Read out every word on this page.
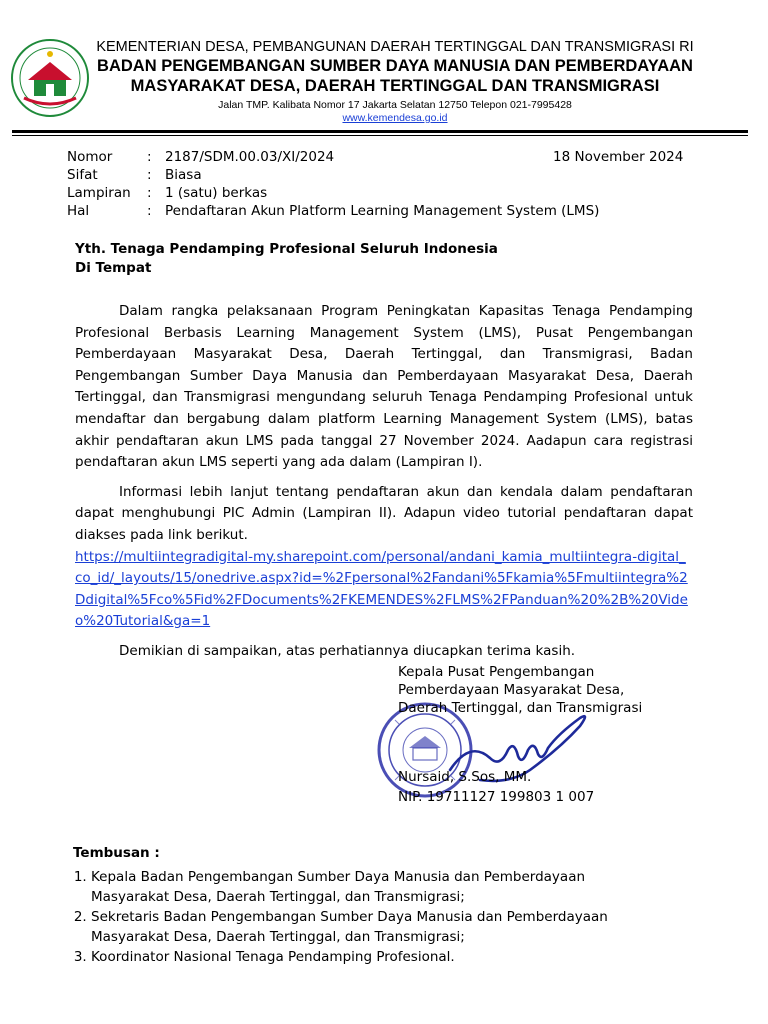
KEMENTERIAN DESA, PEMBANGUNAN DAERAH TERTINGGAL DAN TRANSMIGRASI RI
BADAN PENGEMBANGAN SUMBER DAYA MANUSIA DAN PEMBERDAYAAN
MASYARAKAT DESA, DAERAH TERTINGGAL DAN TRANSMIGRASI
Jalan TMP. Kalibata Nomor 17 Jakarta Selatan 12750 Telepon 021-7995428
www.kemendesa.go.id
Nomor	: 2187/SDM.00.03/XI/2024
Sifat	: Biasa
Lampiran	: 1 (satu) berkas
Hal	: Pendaftaran Akun Platform Learning Management System (LMS)
18 November 2024
Yth. Tenaga Pendamping Profesional Seluruh Indonesia
Di Tempat

Dalam rangka pelaksanaan Program Peningkatan Kapasitas Tenaga Pendamping Profesional Berbasis Learning Management System (LMS), Pusat Pengembangan Pemberdayaan Masyarakat Desa, Daerah Tertinggal, dan Transmigrasi, Badan Pengembangan Sumber Daya Manusia dan Pemberdayaan Masyarakat Desa, Daerah Tertinggal, dan Transmigrasi mengundang seluruh Tenaga Pendamping Profesional untuk mendaftar dan bergabung dalam platform Learning Management System (LMS), batas akhir pendaftaran akun LMS pada tanggal 27 November 2024. Aadapun cara registrasi pendaftaran akun LMS seperti yang ada dalam (Lampiran I).

Informasi lebih lanjut tentang pendaftaran akun dan kendala dalam pendaftaran dapat menghubungi PIC Admin (Lampiran II). Adapun video tutorial pendaftaran dapat diakses pada link berikut.

https://multiintegradigital-my.sharepoint.com/personal/andani_kamia_multiintegra-digital_co_id/_layouts/15/onedrive.aspx?id=%2Fpersonal%2Fandani%5Fkamia%5Fmultiintegra%2Ddigital%5Fco%5Fid%2FDocuments%2FKEMENDES%2FLMS%2FPanduan%20%2B%20Video%20Tutorial&ga=1

Demikian di sampaikan, atas perhatiannya diucapkan terima kasih.

Kepala Pusat Pengembangan
Pemberdayaan Masyarakat Desa,
Daerah Tertinggal, dan Transmigrasi
Nursaid, S.Sos, MM.
NIP. 19711127 199803 1 007
Tembusan :
1. Kepala Badan Pengembangan Sumber Daya Manusia dan Pemberdayaan Masyarakat Desa, Daerah Tertinggal, dan Transmigrasi;
2. Sekretaris Badan Pengembangan Sumber Daya Manusia dan Pemberdayaan Masyarakat Desa, Daerah Tertinggal, dan Transmigrasi;
3. Koordinator Nasional Tenaga Pendamping Profesional.
